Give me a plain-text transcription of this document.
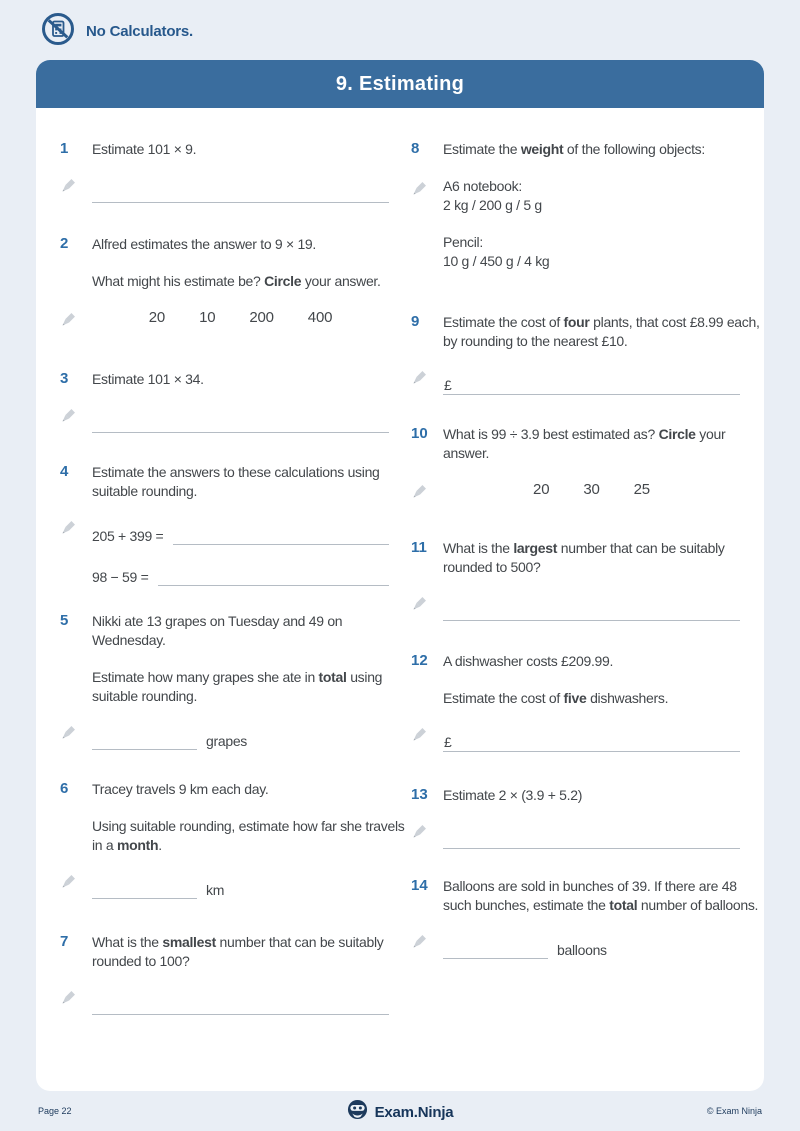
No Calculators.
9. Estimating
1 Estimate 101 × 9.
2 Alfred estimates the answer to 9 × 19.
What might his estimate be? Circle your answer.
20 10 200 400
3 Estimate 101 × 34.
4 Estimate the answers to these calculations using suitable rounding.
205 + 399 =
98 − 59 =
5 Nikki ate 13 grapes on Tuesday and 49 on Wednesday.
Estimate how many grapes she ate in total using suitable rounding.
grapes
6 Tracey travels 9 km each day.
Using suitable rounding, estimate how far she travels in a month.
km
7 What is the smallest number that can be suitably rounded to 100?
8 Estimate the weight of the following objects:
A6 notebook:
2 kg / 200 g / 5 g
Pencil:
10 g / 450 g / 4 kg
9 Estimate the cost of four plants, that cost £8.99 each, by rounding to the nearest £10.
£
10 What is 99 ÷ 3.9 best estimated as? Circle your answer.
20 30 25
11 What is the largest number that can be suitably rounded to 500?
12 A dishwasher costs £209.99.
Estimate the cost of five dishwashers.
£
13 Estimate 2 × (3.9 + 5.2)
14 Balloons are sold in bunches of 39. If there are 48 such bunches, estimate the total number of balloons.
balloons
Page 22	Exam.Ninja	© Exam Ninja
